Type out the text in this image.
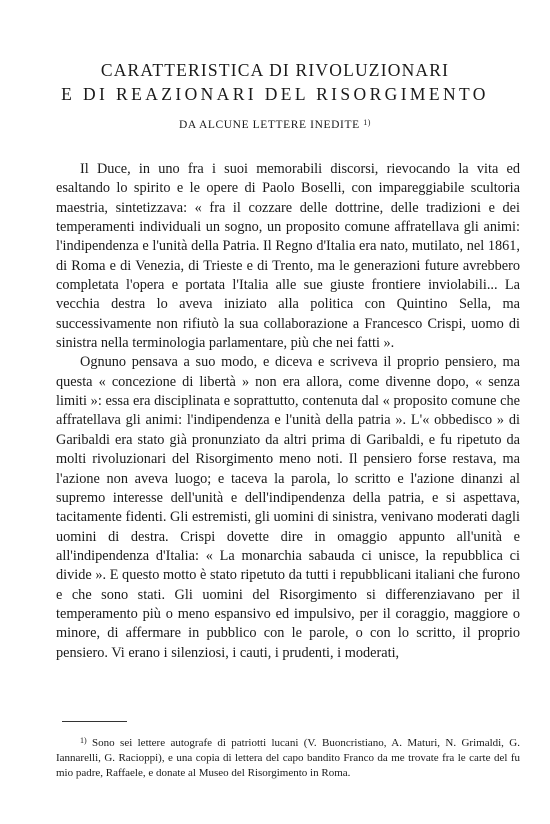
CARATTERISTICA DI RIVOLUZIONARI
E DI REAZIONARI DEL RISORGIMENTO
DA ALCUNE LETTERE INEDITE $^{1)}$

Il Duce, in uno fra i suoi memorabili discorsi, rievocando la vita ed esaltando lo spirito e le opere di Paolo Boselli, con impareggiabile scultoria maestria, sintetizzava: « fra il cozzare delle dottrine, delle tradizioni e dei temperamenti individuali un sogno, un proposito comune affratellava gli animi: l'indipendenza e l'unità della Patria. Il Regno d'Italia era nato, mutilato, nel 1861, di Roma e di Venezia, di Trieste e di Trento, ma le generazioni future avrebbero completata l'opera e portata l'Italia alle sue giuste frontiere inviolabili... La vecchia destra lo aveva iniziato alla politica con Quintino Sella, ma successivamente non rifiutò la sua collaborazione a Francesco Crispi, uomo di sinistra nella terminologia parlamentare, più che nei fatti ».

Ognuno pensava a suo modo, e diceva e scriveva il proprio pensiero, ma questa « concezione di libertà » non era allora, come divenne dopo, « senza limiti »: essa era disciplinata e soprattutto, contenuta dal « proposito comune che affratellava gli animi: l'indipendenza e l'unità della patria ». L'« obbedisco » di Garibaldi era stato già pronunziato da altri prima di Garibaldi, e fu ripetuto da molti rivoluzionari del Risorgimento meno noti. Il pensiero forse restava, ma l'azione non aveva luogo; e taceva la parola, lo scritto e l'azione dinanzi al supremo interesse dell'unità e dell'indipendenza della patria, e si aspettava, tacitamente fidenti. Gli estremisti, gli uomini di sinistra, venivano moderati dagli uomini di destra. Crispi dovette dire in omaggio appunto all'unità e all'indipendenza d'Italia: « La monarchia sabauda ci unisce, la repubblica ci divide ». E questo motto è stato ripetuto da tutti i repubblicani italiani che furono e che sono stati. Gli uomini del Risorgimento si differenziavano per il temperamento più o meno espansivo ed impulsivo, per il coraggio, maggiore o minore, di affermare in pubblico con le parole, o con lo scritto, il proprio pensiero. Vi erano i silenziosi, i cauti, i prudenti, i moderati,

$^{1)}$ Sono sei lettere autografe di patriotti lucani (V. Buoncristiano, A. Maturi, N. Grimaldi, G. Iannarelli, G. Racioppi), e una copia di lettera del capo bandito Franco da me trovate fra le carte del fu mio padre, Raffaele, e donate al Museo del Risorgimento in Roma.
